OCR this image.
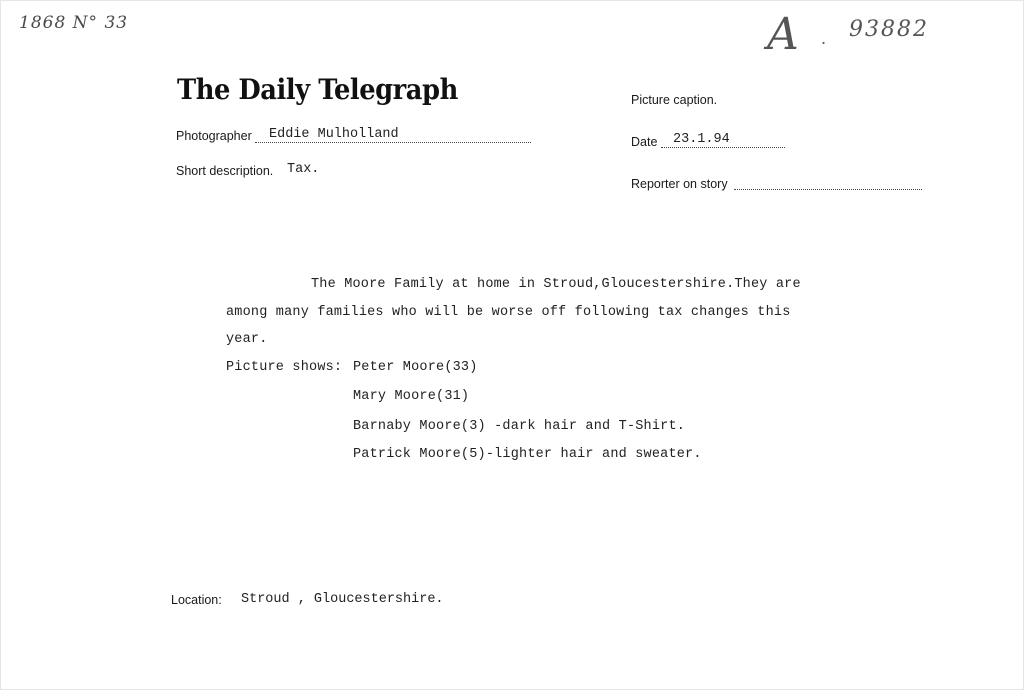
1868 N° 33	A . 93882
The Daily Telegraph
Photographer Eddie Mulholland
Short description. Tax.
Picture caption.
Date 23.1.94
Reporter on story
The Moore Family at home in Stroud,Gloucestershire.They are
among many families who will be worse off following tax changes this
year.
Picture shows: Peter Moore(33)
Mary Moore(31)
Barnaby Moore(3) -dark hair and T-Shirt.
Patrick Moore(5)-lighter hair and sweater.
Location: Stroud , Gloucestershire.
